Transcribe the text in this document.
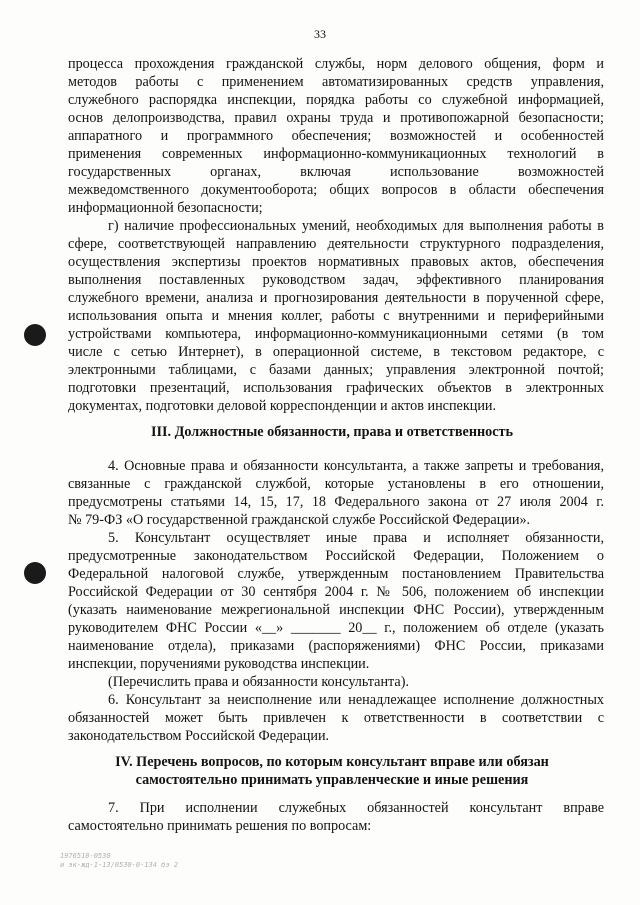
33
процесса прохождения гражданской службы, норм делового общения, форм и
методов работы с применением автоматизированных средств управления,
служебного распорядка инспекции, порядка работы со служебной информацией,
основ делопроизводства, правил охраны труда и противопожарной безопасности;
аппаратного и программного обеспечения; возможностей и особенностей
применения современных информационно-коммуникационных технологий в
государственных органах, включая использование возможностей
межведомственного документооборота; общих вопросов в области обеспечения
информационной безопасности;
г) наличие профессиональных умений, необходимых для выполнения работы в
сфере, соответствующей направлению деятельности структурного подразделения,
осуществления экспертизы проектов нормативных правовых актов, обеспечения
выполнения поставленных руководством задач, эффективного планирования
служебного времени, анализа и прогнозирования деятельности в порученной сфере,
использования опыта и мнения коллег, работы с внутренними и периферийными
устройствами компьютера, информационно-коммуникационными сетями (в том
числе с сетью Интернет), в операционной системе, в текстовом редакторе, с
электронными таблицами, с базами данных; управления электронной почтой;
подготовки презентаций, использования графических объектов в электронных
документах, подготовки деловой корреспонденции и актов инспекции.
III. Должностные обязанности, права и ответственность
4. Основные права и обязанности консультанта, а также запреты и требования,
связанные с гражданской службой, которые установлены в его отношении,
предусмотрены статьями 14, 15, 17, 18 Федерального закона от 27 июля 2004 г.
№ 79-ФЗ «О государственной гражданской службе Российской Федерации».
5. Консультант осуществляет иные права и исполняет обязанности,
предусмотренные законодательством Российской Федерации, Положением о
Федеральной налоговой службе, утвержденным постановлением Правительства
Российской Федерации от 30 сентября 2004 г. № 506, положением об инспекции
(указать наименование межрегиональной инспекции ФНС России), утвержденным
руководителем ФНС России «__» _______ 20__ г., положением об отделе (указать
наименование отдела), приказами (распоряжениями) ФНС России, приказами
инспекции, поручениями руководства инспекции.
(Перечислить права и обязанности консультанта).
6. Консультант за неисполнение или ненадлежащее исполнение должностных
обязанностей может быть привлечен к ответственности в соответствии с
законодательством Российской Федерации.
IV. Перечень вопросов, по которым консультант вправе или обязан
самостоятельно принимать управленческие и иные решения
7. При исполнении служебных обязанностей консультант вправе
самостоятельно принимать решения по вопросам:
1976510-0530
и эк-жд-1-13/0530-0-134 бэ 2
